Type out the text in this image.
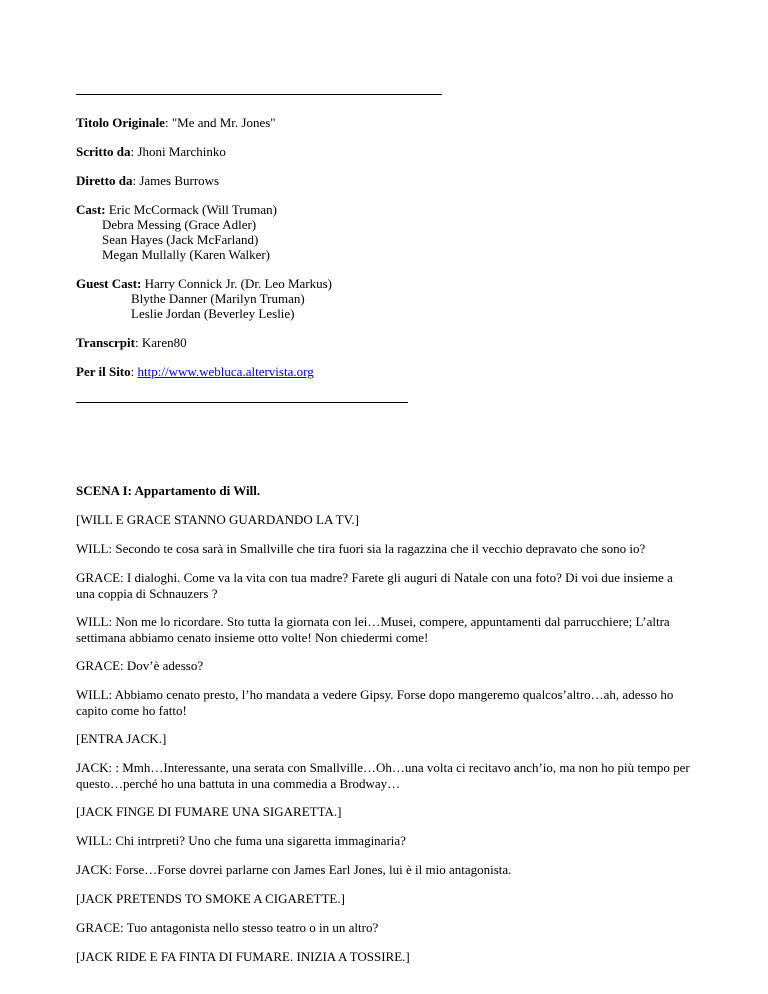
Titolo Originale: "Me and Mr. Jones"
Scritto da: Jhoni Marchinko
Diretto da: James Burrows
Cast: Eric McCormack (Will Truman)
Debra Messing (Grace Adler)
Sean Hayes (Jack McFarland)
Megan Mullally (Karen Walker)
Guest Cast: Harry Connick Jr. (Dr. Leo Markus)
Blythe Danner (Marilyn Truman)
Leslie Jordan (Beverley Leslie)
Transcrpit: Karen80
Per il Sito: http://www.webluca.altervista.org
SCENA I: Appartamento di Will.
[WILL E GRACE STANNO GUARDANDO LA TV.]
WILL: Secondo te cosa sarà in Smallville che tira fuori sia la ragazzina che il vecchio depravato che sono io?
GRACE: I dialoghi. Come va la vita con tua madre? Farete gli auguri di Natale con una foto? Di voi due insieme a una coppia di Schnauzers ?
WILL: Non me lo ricordare. Sto tutta la giornata con lei…Musei, compere, appuntamenti dal parrucchiere; L’altra settimana abbiamo cenato insieme otto volte! Non chiedermi come!
GRACE: Dov’è adesso?
WILL: Abbiamo cenato presto, l’ho mandata a vedere Gipsy. Forse dopo mangeremo qualcos’altro…ah, adesso ho capito come ho fatto!
[ENTRA JACK.]
JACK: : Mmh…Interessante, una serata con Smallville…Oh…una volta ci recitavo anch’io, ma non ho più tempo per questo…perché ho una battuta in una commedia a Brodway…
[JACK FINGE DI FUMARE UNA SIGARETTA.]
WILL: Chi intrpreti? Uno che fuma una sigaretta immaginaria?
JACK: Forse…Forse dovrei parlarne con James Earl Jones, lui è il mio antagonista.
[JACK PRETENDS TO SMOKE A CIGARETTE.]
GRACE: Tuo antagonista nello stesso teatro o in un altro?
[JACK RIDE E FA FINTA DI FUMARE. INIZIA A TOSSIRE.]
